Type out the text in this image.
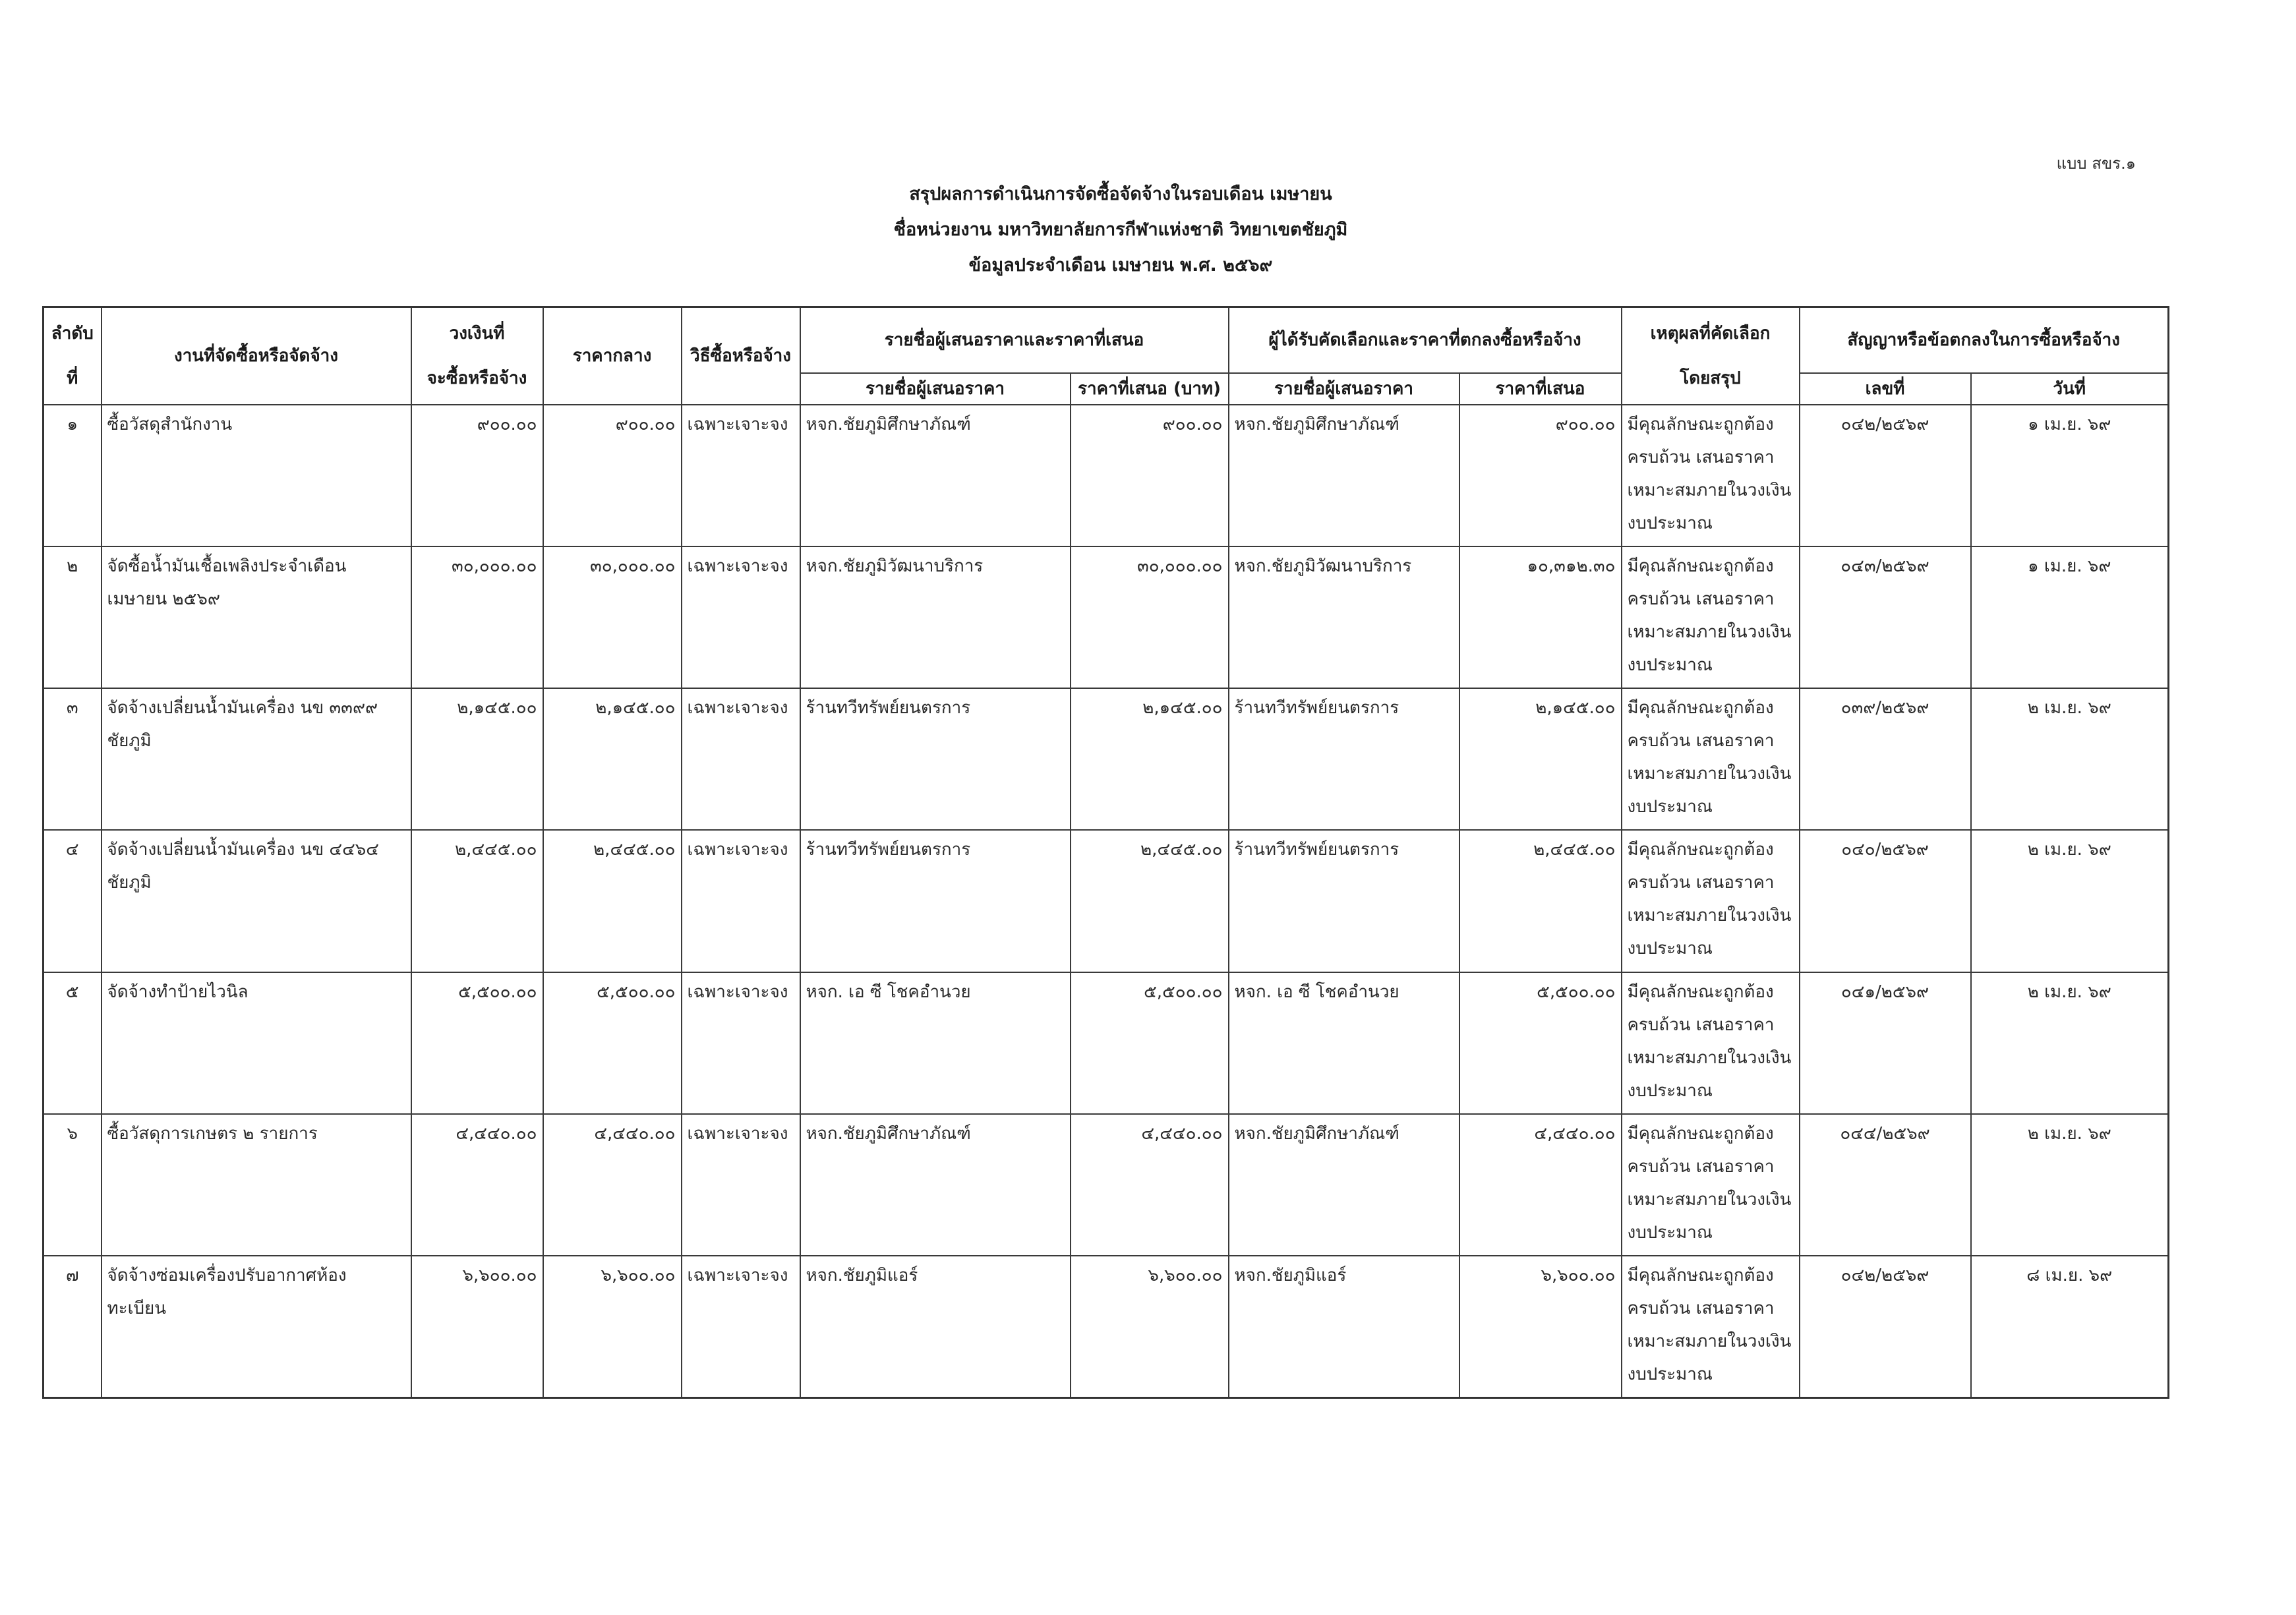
แบบ สขร.๑
สรุปผลการดำเนินการจัดซื้อจัดจ้างในรอบเดือน เมษายน
ชื่อหน่วยงาน มหาวิทยาลัยการกีฬาแห่งชาติ วิทยาเขตชัยภูมิ
ข้อมูลประจำเดือน เมษายน พ.ศ. ๒๕๖๙
ลำดับ
ที่	งานที่จัดซื้อหรือจัดจ้าง	วงเงินที่
จะซื้อหรือจ้าง	ราคากลาง	วิธีซื้อหรือจ้าง	รายชื่อผู้เสนอราคาและราคาที่เสนอ		ผู้ได้รับคัดเลือกและราคาที่ตกลงซื้อหรือจ้าง		เหตุผลที่คัดเลือก
โดยสรุป	สัญญาหรือข้อตกลงในการซื้อหรือจ้าง	
					รายชื่อผู้เสนอราคา	ราคาที่เสนอ (บาท)	รายชื่อผู้เสนอราคา	ราคาที่เสนอ		เลขที่	วันที่
๑	ซื้อวัสดุสำนักงาน	๙๐๐.๐๐	๙๐๐.๐๐	เฉพาะเจาะจง	หจก.ชัยภูมิศึกษาภัณฑ์	๙๐๐.๐๐	หจก.ชัยภูมิศึกษาภัณฑ์	๙๐๐.๐๐	มีคุณลักษณะถูกต้อง ครบถ้วน เสนอราคา เหมาะสมภายในวงเงิน งบประมาณ	๐๔๒/๒๕๖๙	๑ เม.ย. ๖๙
๒	จัดซื้อน้ำมันเชื้อเพลิงประจำเดือน เมษายน ๒๕๖๙	๓๐,๐๐๐.๐๐	๓๐,๐๐๐.๐๐	เฉพาะเจาะจง	หจก.ชัยภูมิวัฒนาบริการ	๓๐,๐๐๐.๐๐	หจก.ชัยภูมิวัฒนาบริการ	๑๐,๓๑๒.๓๐	มีคุณลักษณะถูกต้อง ครบถ้วน เสนอราคา เหมาะสมภายในวงเงิน งบประมาณ	๐๔๓/๒๕๖๙	๑ เม.ย. ๖๙
๓	จัดจ้างเปลี่ยนน้ำมันเครื่อง นข ๓๓๙๙ ชัยภูมิ	๒,๑๔๕.๐๐	๒,๑๔๕.๐๐	เฉพาะเจาะจง	ร้านทวีทรัพย์ยนตรการ	๒,๑๔๕.๐๐	ร้านทวีทรัพย์ยนตรการ	๒,๑๔๕.๐๐	มีคุณลักษณะถูกต้อง ครบถ้วน เสนอราคา เหมาะสมภายในวงเงิน งบประมาณ	๐๓๙/๒๕๖๙	๒ เม.ย. ๖๙
๔	จัดจ้างเปลี่ยนน้ำมันเครื่อง นข ๔๔๖๔ ชัยภูมิ	๒,๔๔๕.๐๐	๒,๔๔๕.๐๐	เฉพาะเจาะจง	ร้านทวีทรัพย์ยนตรการ	๒,๔๔๕.๐๐	ร้านทวีทรัพย์ยนตรการ	๒,๔๔๕.๐๐	มีคุณลักษณะถูกต้อง ครบถ้วน เสนอราคา เหมาะสมภายในวงเงิน งบประมาณ	๐๔๐/๒๕๖๙	๒ เม.ย. ๖๙
๕	จัดจ้างทำป้ายไวนิล	๕,๕๐๐.๐๐	๕,๕๐๐.๐๐	เฉพาะเจาะจง	หจก. เอ ซี โชคอำนวย	๕,๕๐๐.๐๐	หจก. เอ ซี โชคอำนวย	๕,๕๐๐.๐๐	มีคุณลักษณะถูกต้อง ครบถ้วน เสนอราคา เหมาะสมภายในวงเงิน งบประมาณ	๐๔๑/๒๕๖๙	๒ เม.ย. ๖๙
๖	ซื้อวัสดุการเกษตร ๒ รายการ	๔,๔๔๐.๐๐	๔,๔๔๐.๐๐	เฉพาะเจาะจง	หจก.ชัยภูมิศึกษาภัณฑ์	๔,๔๔๐.๐๐	หจก.ชัยภูมิศึกษาภัณฑ์	๔,๔๔๐.๐๐	มีคุณลักษณะถูกต้อง ครบถ้วน เสนอราคา เหมาะสมภายในวงเงิน งบประมาณ	๐๔๔/๒๕๖๙	๒ เม.ย. ๖๙
๗	จัดจ้างซ่อมเครื่องปรับอากาศห้องทะเบียน	๖,๖๐๐.๐๐	๖,๖๐๐.๐๐	เฉพาะเจาะจง	หจก.ชัยภูมิแอร์	๖,๖๐๐.๐๐	หจก.ชัยภูมิแอร์	๖,๖๐๐.๐๐	มีคุณลักษณะถูกต้อง ครบถ้วน เสนอราคา เหมาะสมภายในวงเงิน งบประมาณ	๐๔๒/๒๕๖๙	๘ เม.ย. ๖๙
